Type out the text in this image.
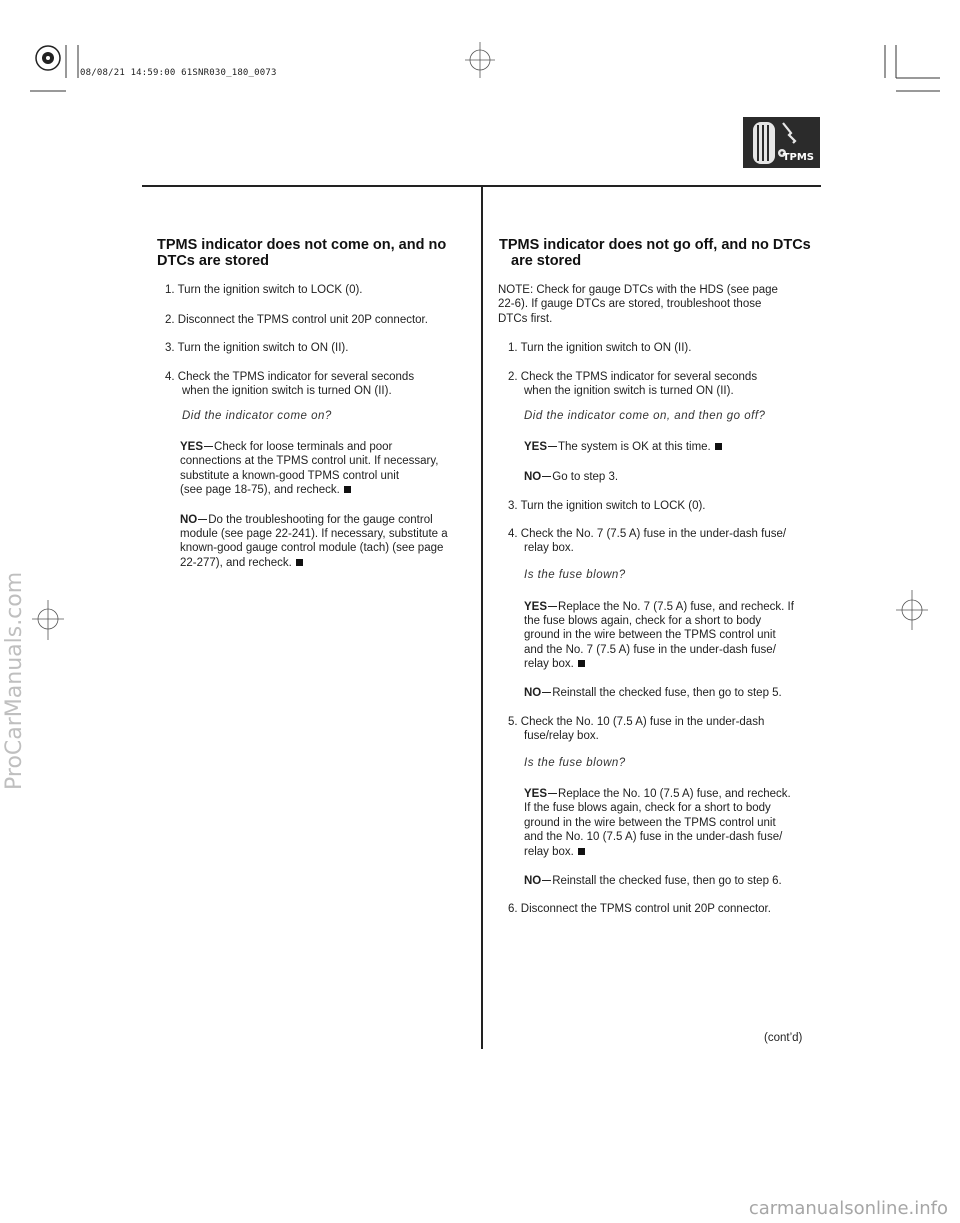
08/08/21 14:59:00 61SNR030_180_0073
TPMS
TPMS indicator does not come on, and no
DTCs are stored
1. Turn the ignition switch to LOCK (0).
2. Disconnect the TPMS control unit 20P connector.
3. Turn the ignition switch to ON (II).
4. Check the TPMS indicator for several seconds
when the ignition switch is turned ON (II).
Did the indicator come on?
YES Check for loose terminals and poor
connections at the TPMS control unit. If necessary,
substitute a known-good TPMS control unit
(see page 18-75), and recheck.
NO Do the troubleshooting for the gauge control
module (see page 22-241). If necessary, substitute a
known-good gauge control module (tach) (see page
22-277), and recheck.
TPMS indicator does not go off, and no DTCs
are stored
NOTE: Check for gauge DTCs with the HDS (see page
22-6). If gauge DTCs are stored, troubleshoot those
DTCs first.
1. Turn the ignition switch to ON (II).
2. Check the TPMS indicator for several seconds
when the ignition switch is turned ON (II).
Did the indicator come on, and then go off?
YES The system is OK at this time.
NO Go to step 3.
3. Turn the ignition switch to LOCK (0).
4. Check the No. 7 (7.5 A) fuse in the under-dash fuse/
relay box.
Is the fuse blown?
YES Replace the No. 7 (7.5 A) fuse, and recheck. If
the fuse blows again, check for a short to body
ground in the wire between the TPMS control unit
and the No. 7 (7.5 A) fuse in the under-dash fuse/
relay box.
NO Reinstall the checked fuse, then go to step 5.
5. Check the No. 10 (7.5 A) fuse in the under-dash
fuse/relay box.
Is the fuse blown?
YES Replace the No. 10 (7.5 A) fuse, and recheck.
If the fuse blows again, check for a short to body
ground in the wire between the TPMS control unit
and the No. 10 (7.5 A) fuse in the under-dash fuse/
relay box.
NO Reinstall the checked fuse, then go to step 6.
6. Disconnect the TPMS control unit 20P connector.
(cont’d)
ProCarManuals.com
carmanualsonline.info
